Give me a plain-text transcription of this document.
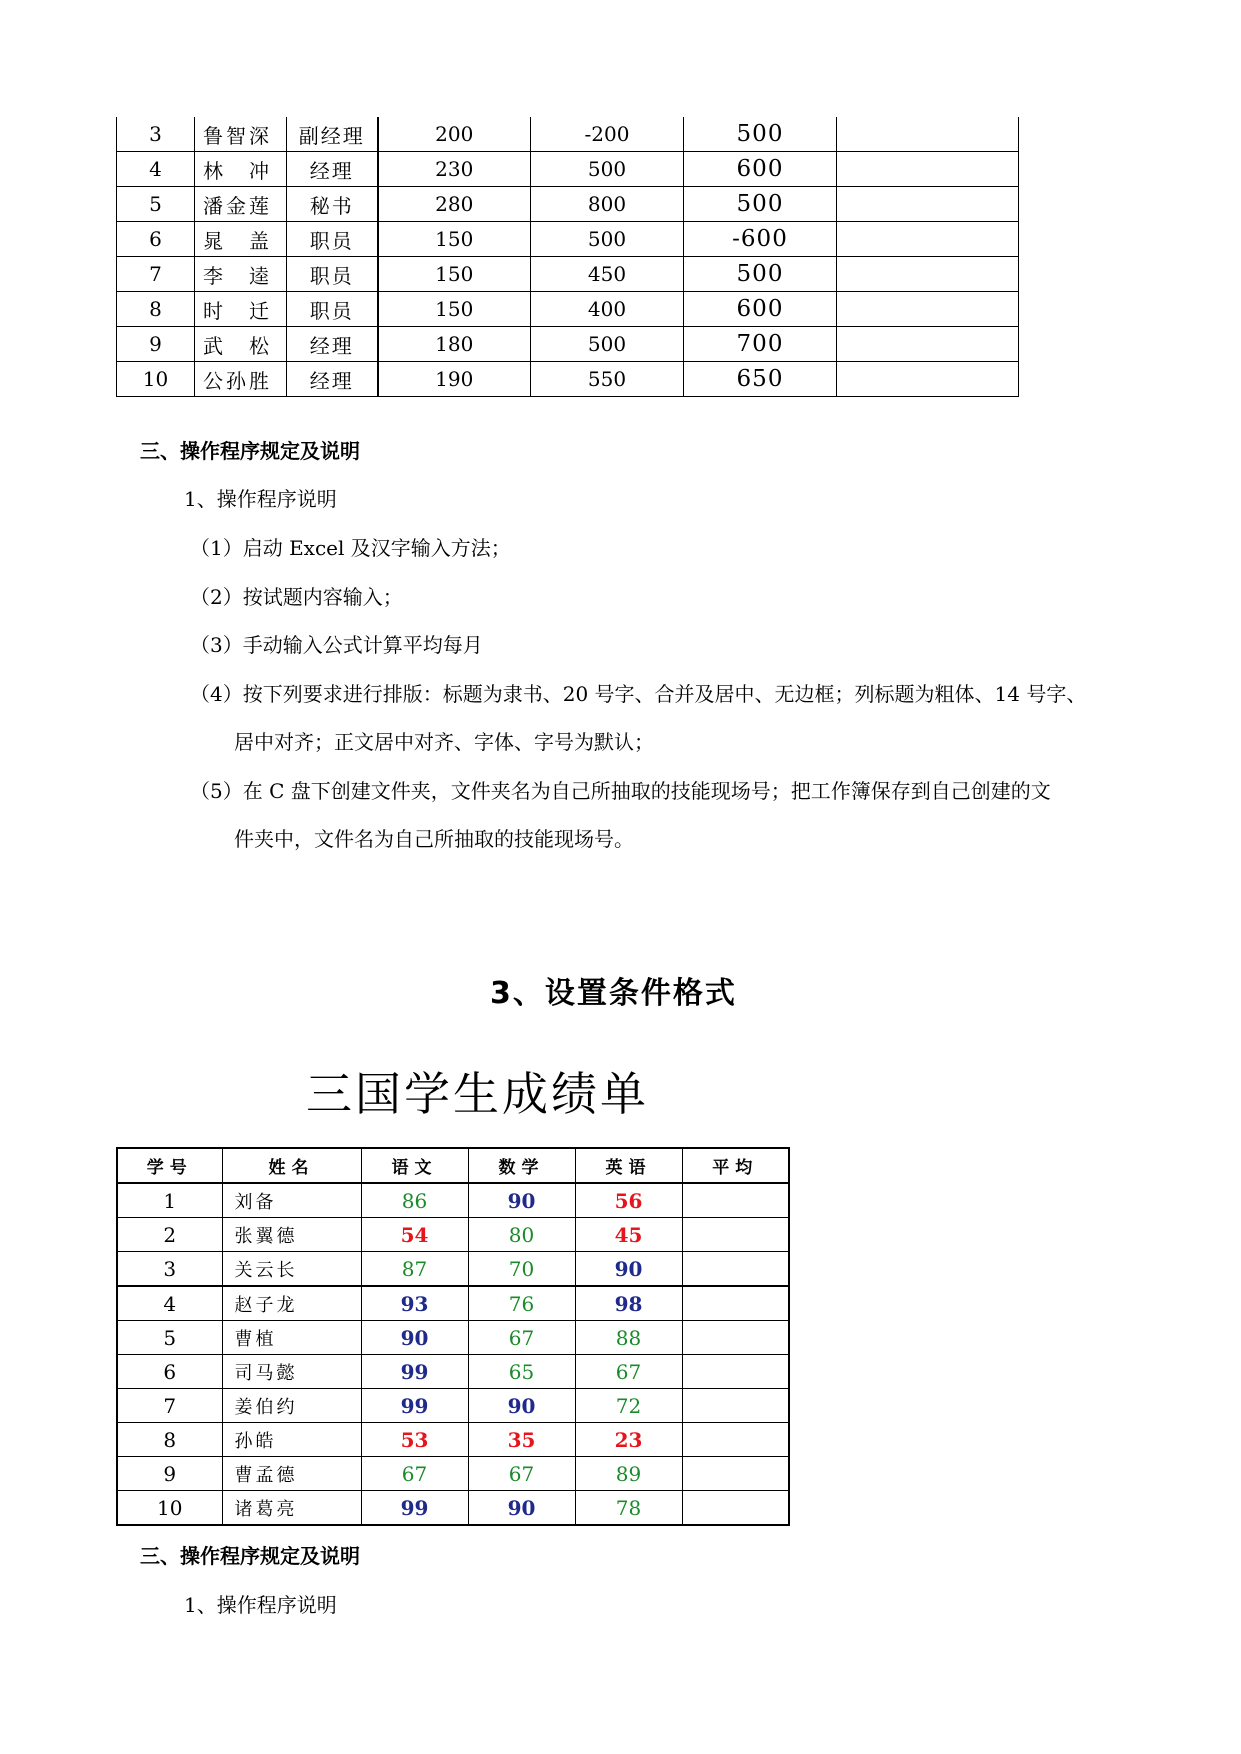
3	鲁智深	副经理	200	-200	500	
4	林　冲	经理	230	500	600	
5	潘金莲	秘书	280	800	500	
6	晁　盖	职员	150	500	-600	
7	李　逵	职员	150	450	500	
8	时　迁	职员	150	400	600	
9	武　松	经理	180	500	700	
10	公孙胜	经理	190	550	650	
三、操作程序规定及说明
1、操作程序说明
（1）启动 Excel 及汉字输入方法；
（2）按试题内容输入；
（3）手动输入公式计算平均每月
（4）按下列要求进行排版：标题为隶书、20 号字、合并及居中、无边框；列标题为粗体、14 号字、
居中对齐；正文居中对齐、字体、字号为默认；
（5）在 C 盘下创建文件夹，文件夹名为自己所抽取的技能现场号；把工作簿保存到自己创建的文
件夹中，文件名为自己所抽取的技能现场号。
3、设置条件格式
三国学生成绩单
学号	姓名	语文	数学	英语	平均
1	刘备	86	90	56	
2	张翼德	54	80	45	
3	关云长	87	70	90	
4	赵子龙	93	76	98	
5	曹植	90	67	88	
6	司马懿	99	65	67	
7	姜伯约	99	90	72	
8	孙皓	53	35	23	
9	曹孟德	67	67	89	
10	诸葛亮	99	90	78	
三、操作程序规定及说明
1、操作程序说明
